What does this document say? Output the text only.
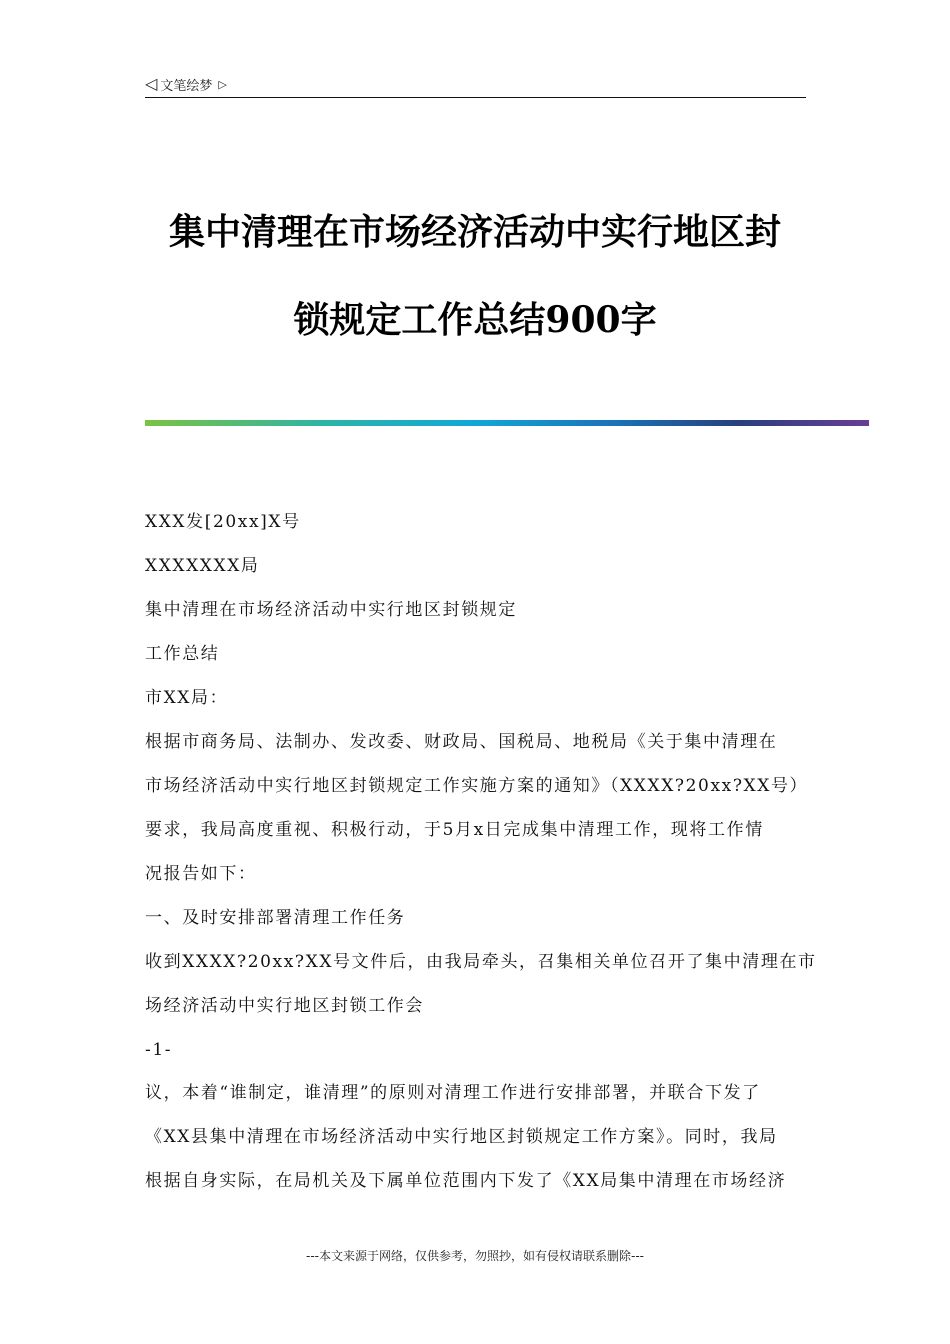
◁ 文笔绘梦 ▷
集中清理在市场经济活动中实行地区封
锁规定工作总结900字
XXX发[20xx]X号
XXXXXXX局
集中清理在市场经济活动中实行地区封锁规定
工作总结
市XX局：
根据市商务局、法制办、发改委、财政局、国税局、地税局《关于集中清理在
市场经济活动中实行地区封锁规定工作实施方案的通知》（XXXX?20xx?XX号）
要求，我局高度重视、积极行动，于5月x日完成集中清理工作，现将工作情
况报告如下：
一、及时安排部署清理工作任务
收到XXXX?20xx?XX号文件后，由我局牵头，召集相关单位召开了集中清理在市
场经济活动中实行地区封锁工作会
-1-
议，本着“谁制定，谁清理”的原则对清理工作进行安排部署，并联合下发了
《XX县集中清理在市场经济活动中实行地区封锁规定工作方案》。同时，我局
根据自身实际，在局机关及下属单位范围内下发了《XX局集中清理在市场经济
---本文来源于网络，仅供参考，勿照抄，如有侵权请联系删除---
